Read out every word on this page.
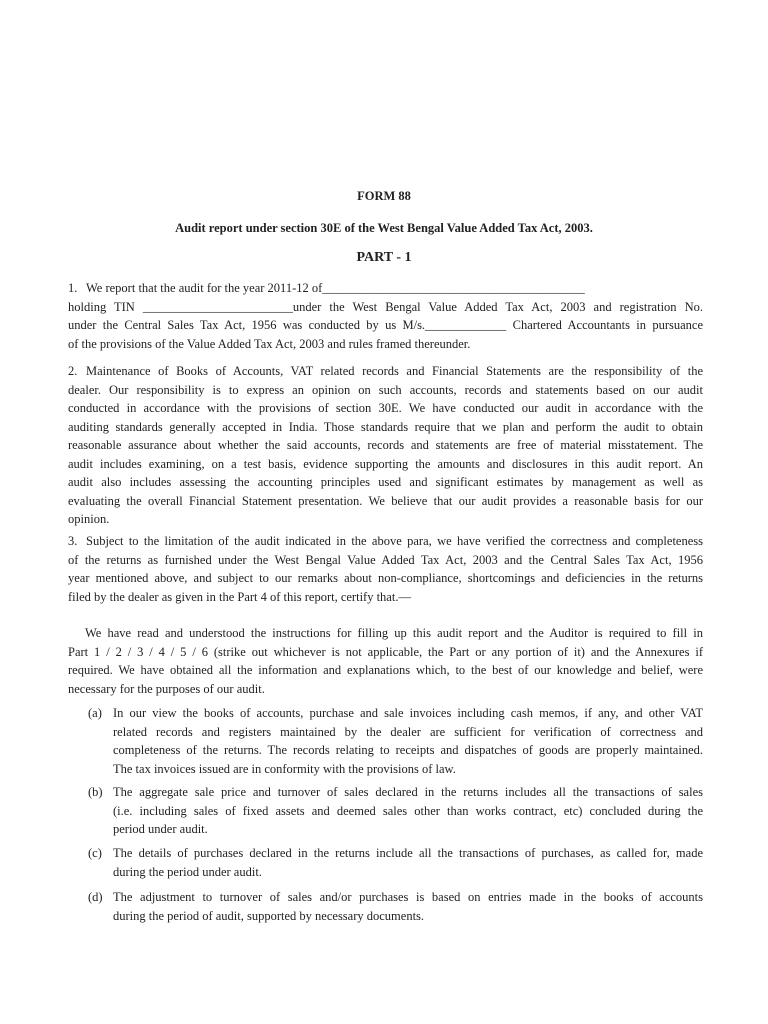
FORM 88
Audit report under section 30E of the West Bengal Value Added Tax Act, 2003.
PART - 1
1. We report that the audit for the year 2011-12 of__________________________________________
holding TIN ________________________under the West Bengal Value Added Tax Act, 2003 and registration No.
under the Central Sales Tax Act, 1956 was conducted by us M/s._____________ Chartered Accountants in pursuance
of the provisions of the Value Added Tax Act, 2003 and rules framed thereunder.
2. Maintenance of Books of Accounts, VAT related records and Financial Statements are the responsibility of the
dealer. Our responsibility is to express an opinion on such accounts, records and statements based on our audit
conducted in accordance with the provisions of section 30E. We have conducted our audit in accordance with the
auditing standards generally accepted in India. Those standards require that we plan and perform the audit to obtain
reasonable assurance about whether the said accounts, records and statements are free of material misstatement. The
audit includes examining, on a test basis, evidence supporting the amounts and disclosures in this audit report. An
audit also includes assessing the accounting principles used and significant estimates by management as well as
evaluating the overall Financial Statement presentation. We believe that our audit provides a reasonable basis for our
opinion.
3. Subject to the limitation of the audit indicated in the above para, we have verified the correctness and completeness
of the returns as furnished under the West Bengal Value Added Tax Act, 2003 and the Central Sales Tax Act, 1956
year mentioned above, and subject to our remarks about non-compliance, shortcomings and deficiencies in the returns
filed by the dealer as given in the Part 4 of this report, certify that.—
We have read and understood the instructions for filling up this audit report and the Auditor is required to fill in
Part 1 / 2 / 3 / 4 / 5 / 6 (strike out whichever is not applicable, the Part or any portion of it) and the Annexures if
required. We have obtained all the information and explanations which, to the best of our knowledge and belief, were
necessary for the purposes of our audit.
(a) In our view the books of accounts, purchase and sale invoices including cash memos, if any, and other VAT
related records and registers maintained by the dealer are sufficient for verification of correctness and
completeness of the returns. The records relating to receipts and dispatches of goods are properly maintained.
The tax invoices issued are in conformity with the provisions of law.
(b) The aggregate sale price and turnover of sales declared in the returns includes all the transactions of sales
(i.e. including sales of fixed assets and deemed sales other than works contract, etc) concluded during the
period under audit.
(c) The details of purchases declared in the returns include all the transactions of purchases, as called for, made
during the period under audit.
(d) The adjustment to turnover of sales and/or purchases is based on entries made in the books of accounts
during the period of audit, supported by necessary documents.
